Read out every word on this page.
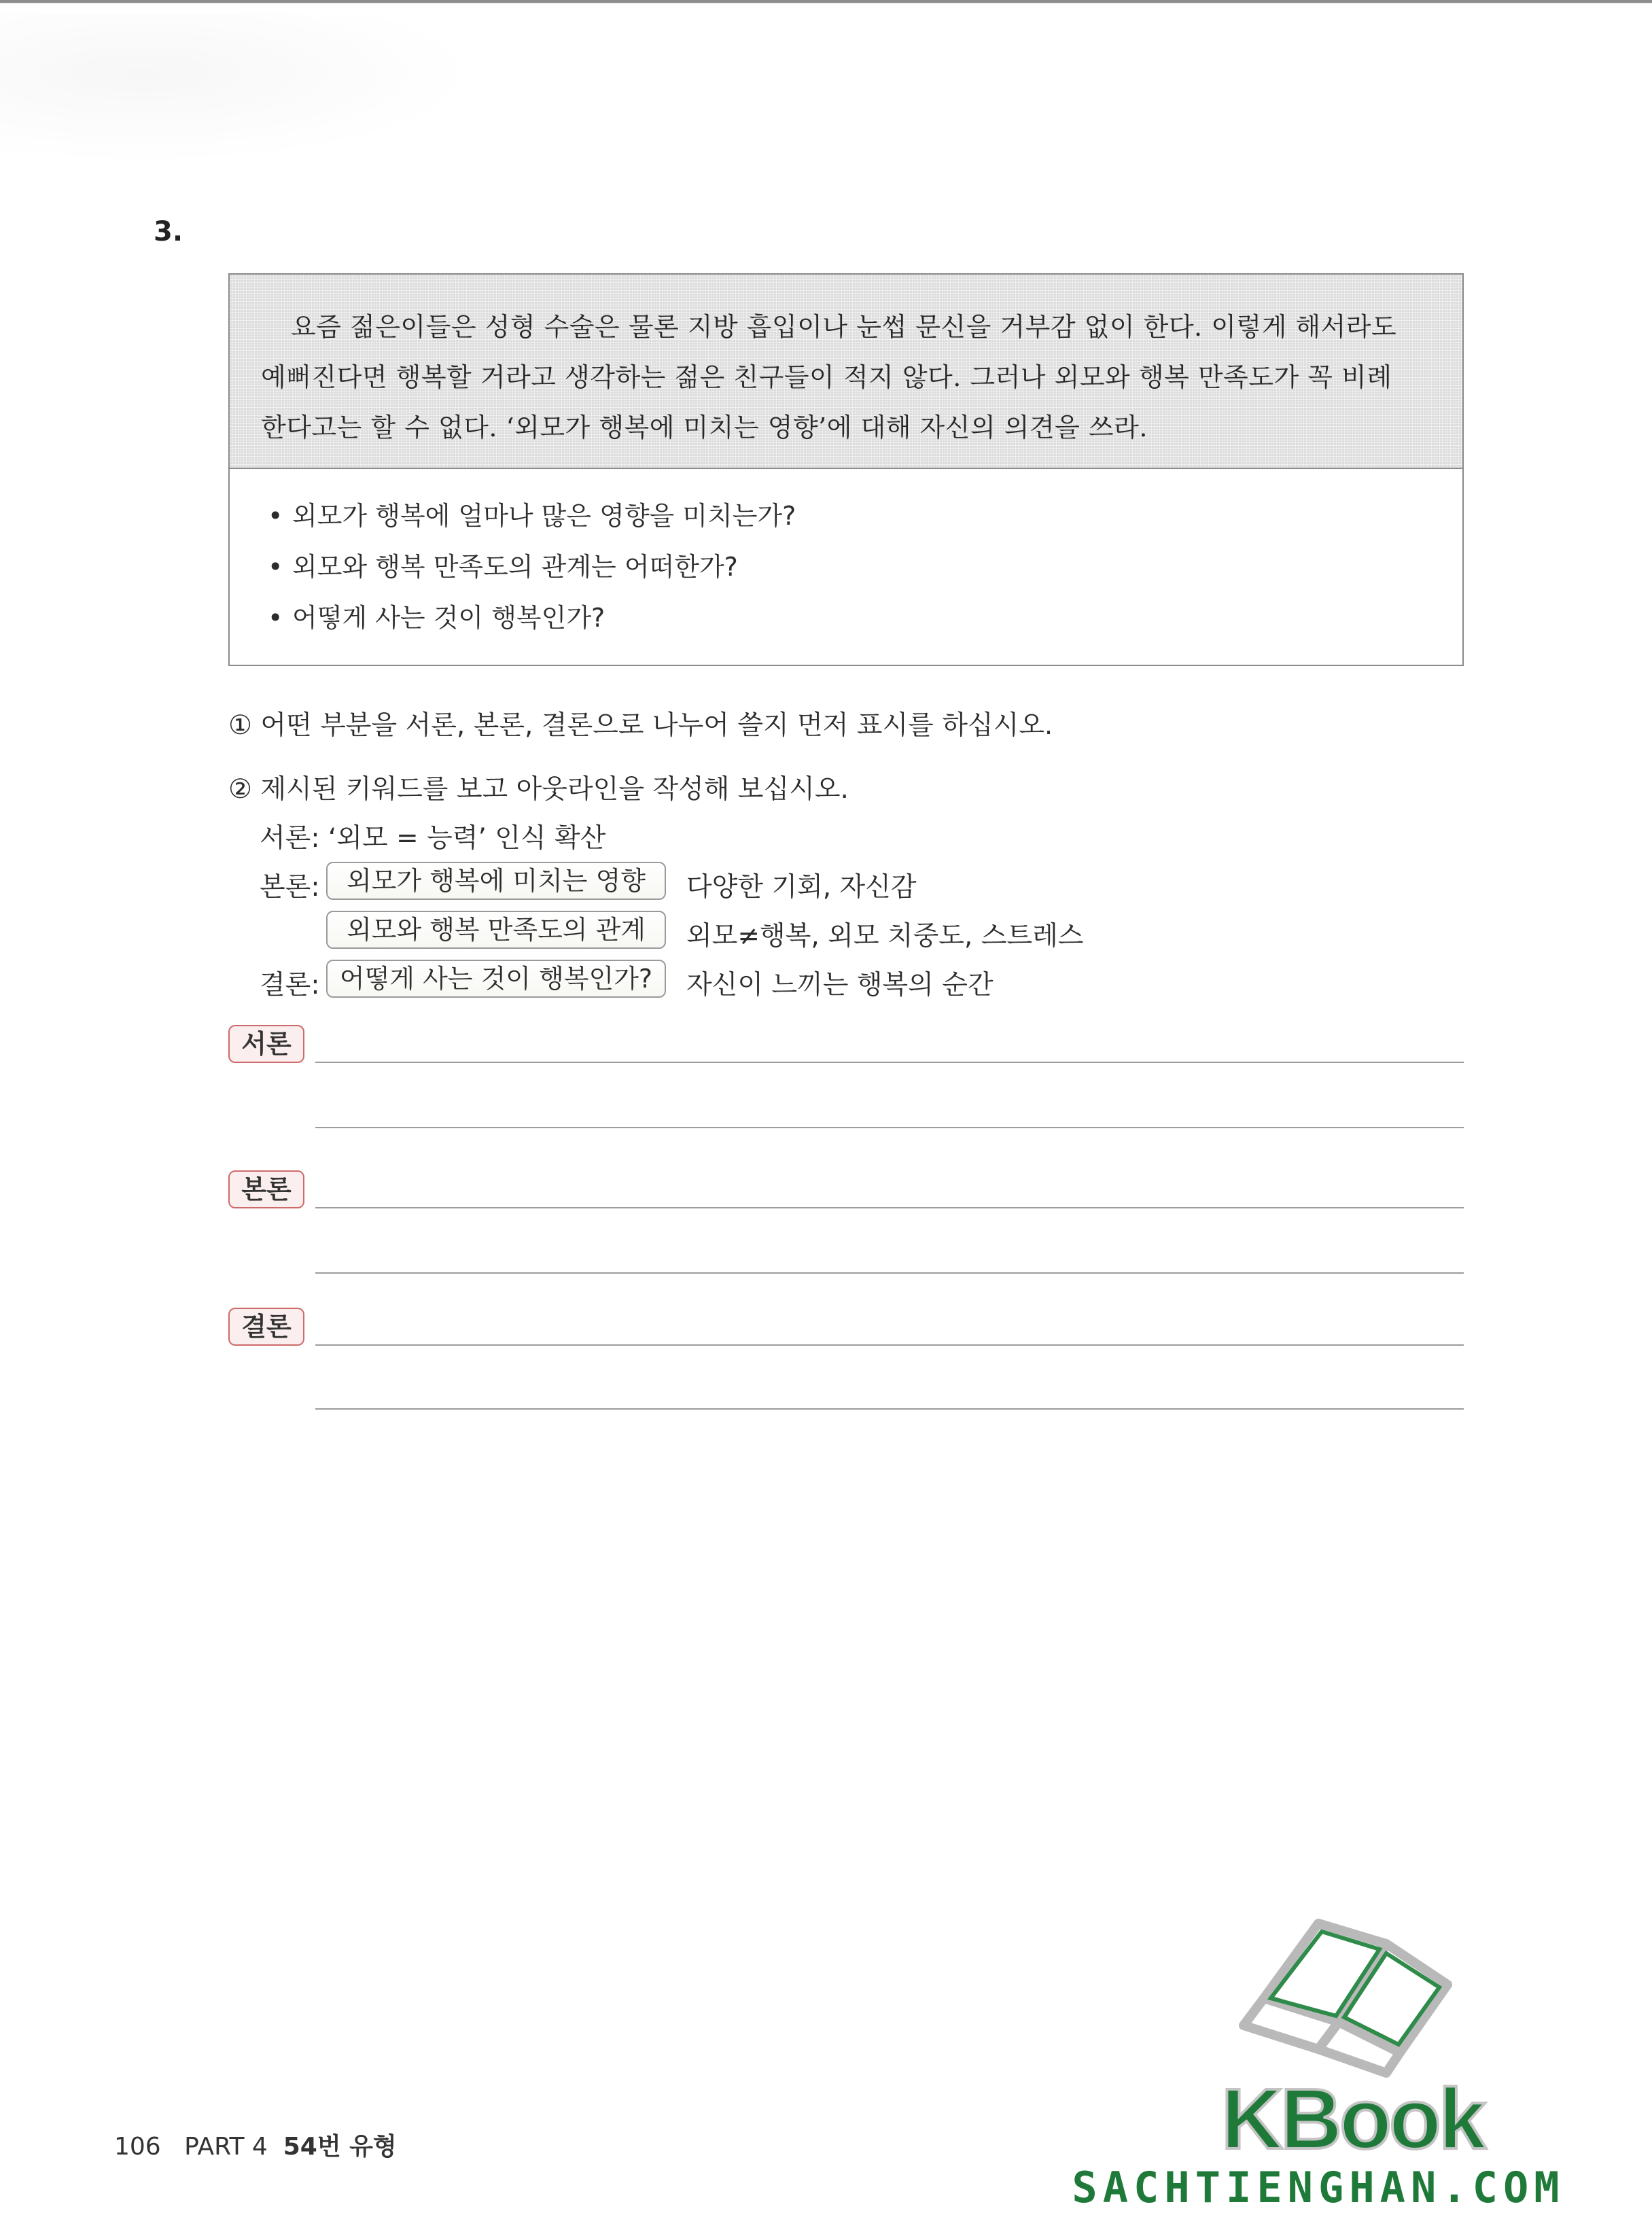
3.
요즘 젊은이들은 성형 수술은 물론 지방 흡입이나 눈썹 문신을 거부감 없이 한다. 이렇게 해서라도
예뻐진다면 행복할 거라고 생각하는 젊은 친구들이 적지 않다. 그러나 외모와 행복 만족도가 꼭 비례
한다고는 할 수 없다. ‘외모가 행복에 미치는 영향’에 대해 자신의 의견을 쓰라.
• 외모가 행복에 얼마나 많은 영향을 미치는가?
• 외모와 행복 만족도의 관계는 어떠한가?
• 어떻게 사는 것이 행복인가?
① 어떤 부분을 서론, 본론, 결론으로 나누어 쓸지 먼저 표시를 하십시오.
② 제시된 키워드를 보고 아웃라인을 작성해 보십시오.
서론: ‘외모 = 능력’ 인식 확산
본론:	외모가 행복에 미치는 영향	다양한 기회, 자신감
외모와 행복 만족도의 관계	외모≠행복, 외모 치중도, 스트레스
결론: 어떻게 사는 것이 행복인가?	자신이 느끼는 행복의 순간
서론
본론
결론
106 PART 4 54번 유형	KBook
SACHTIENGHAN.COM
